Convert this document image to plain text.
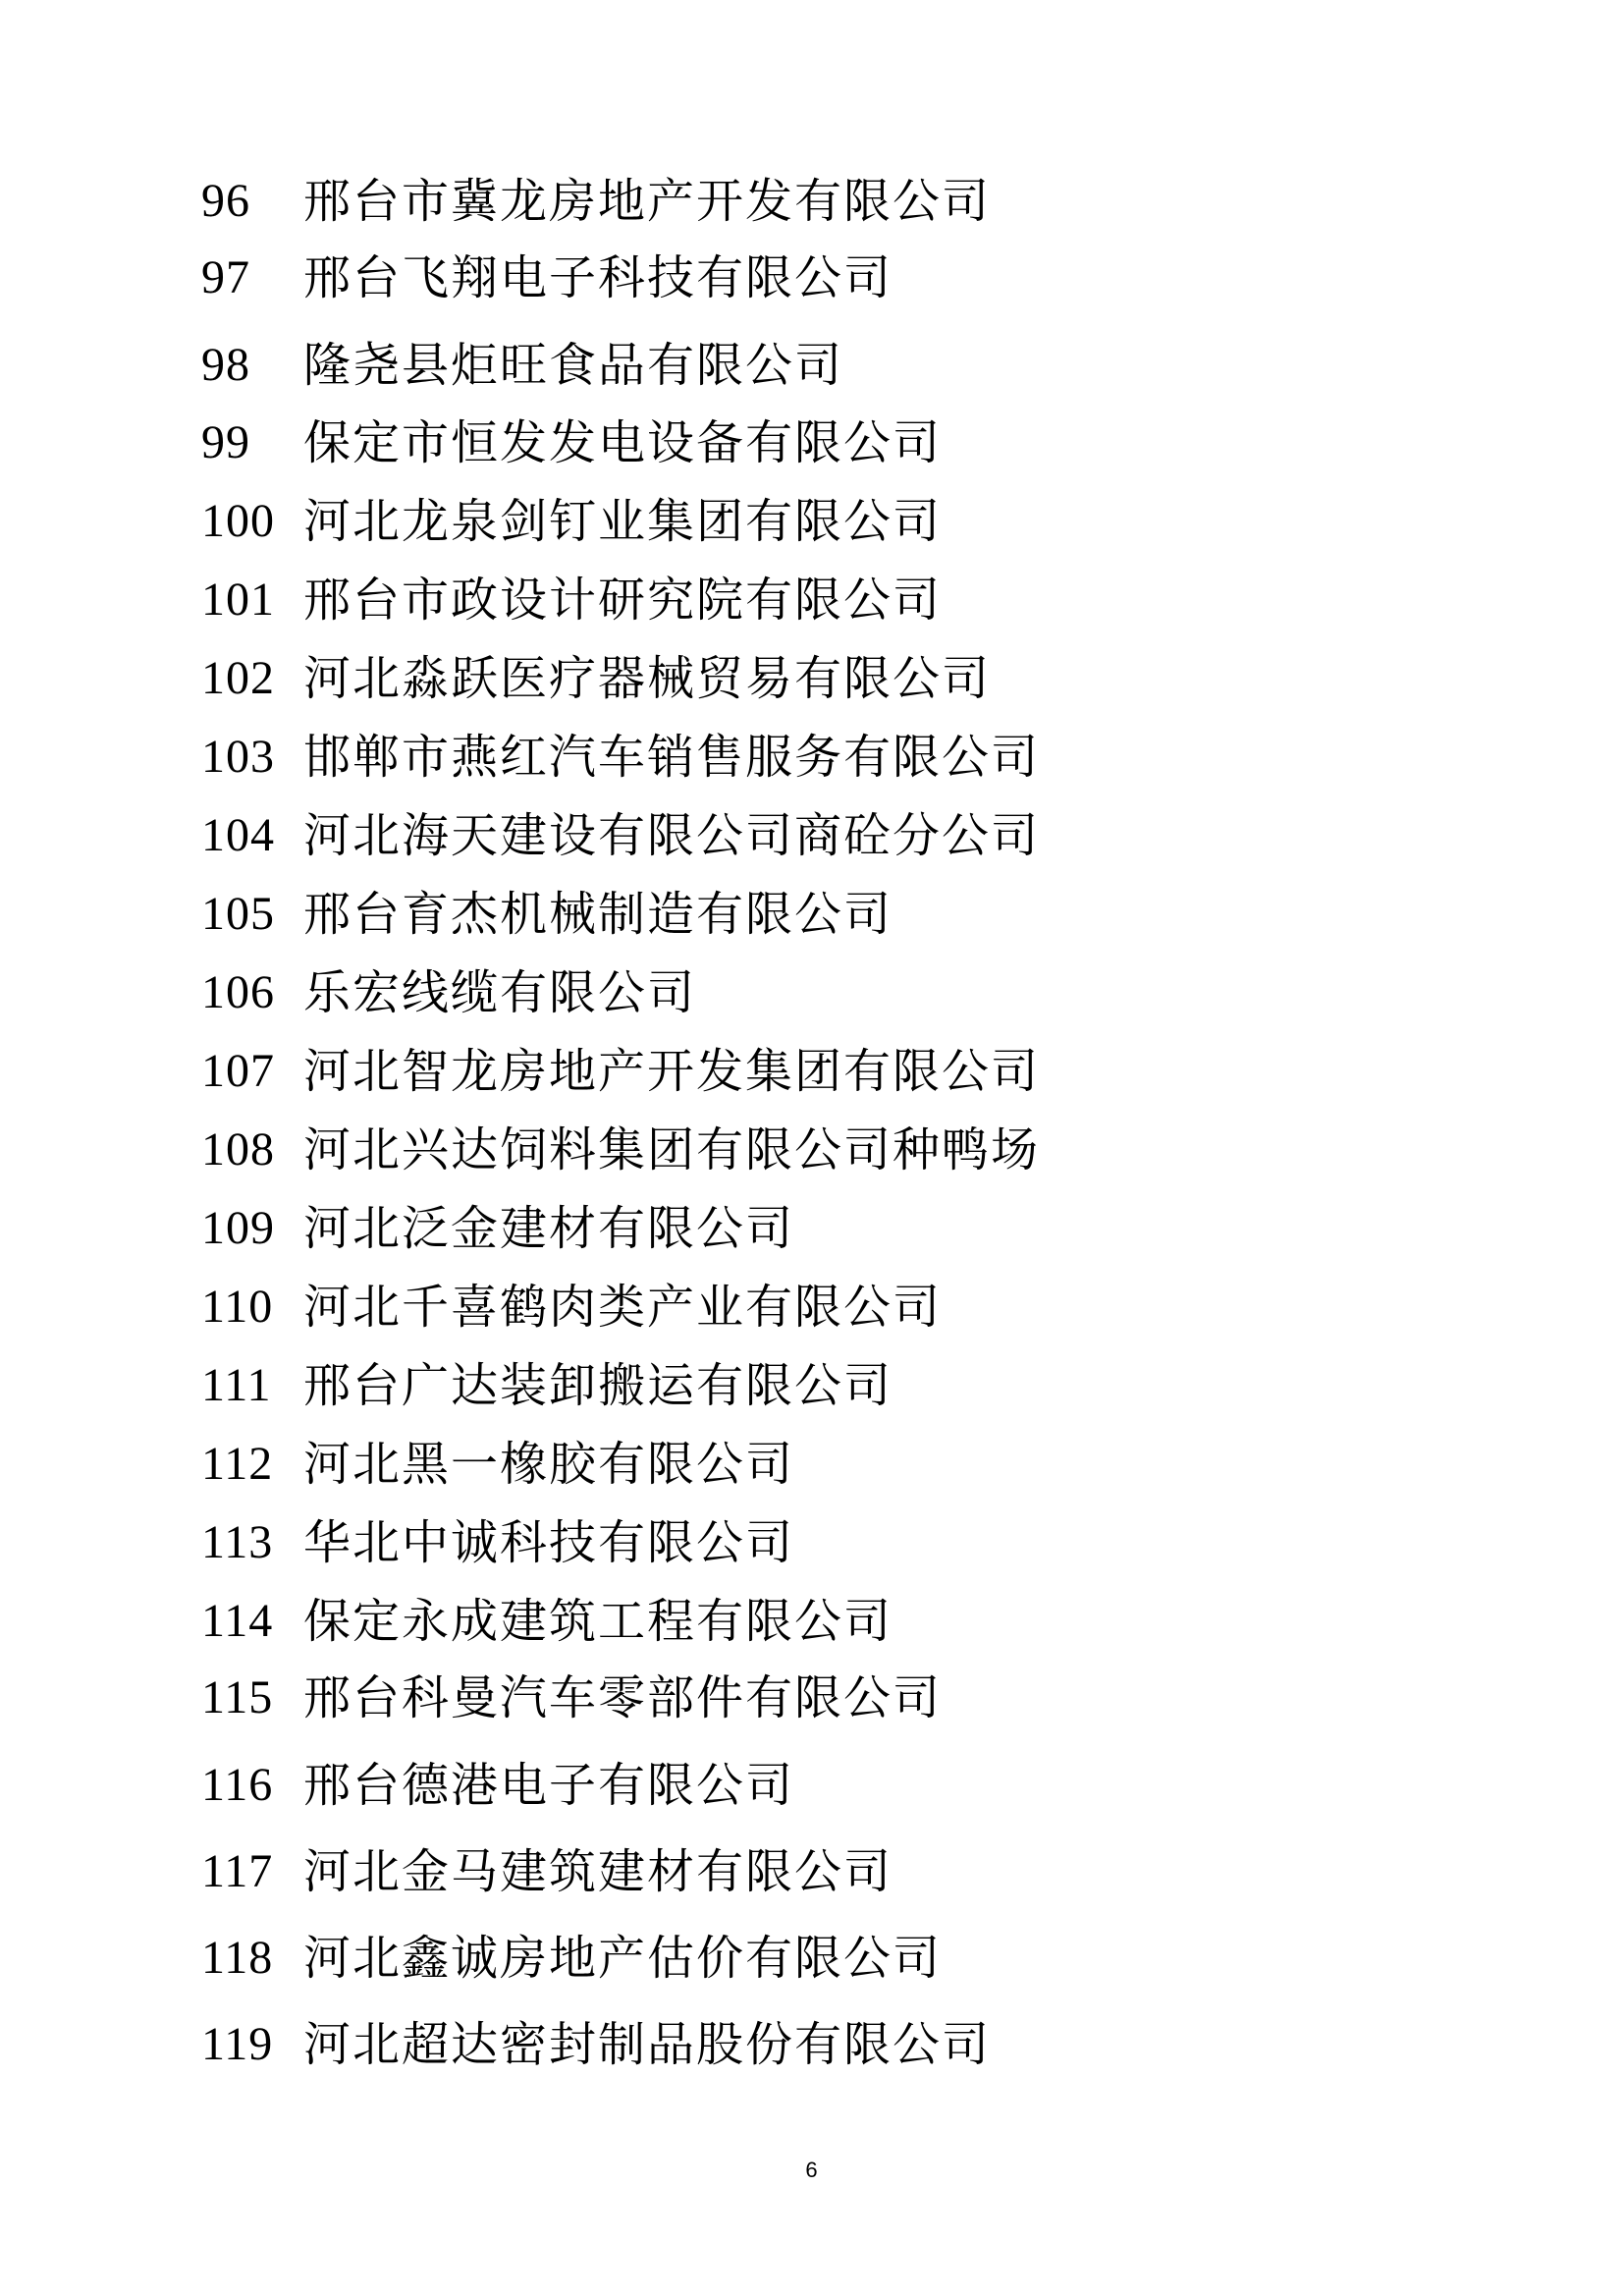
96	邢台市冀龙房地产开发有限公司
97	邢台飞翔电子科技有限公司
98	隆尧县炬旺食品有限公司
99	保定市恒发发电设备有限公司
100 河北龙泉剑钉业集团有限公司
101 邢台市政设计研究院有限公司
102 河北淼跃医疗器械贸易有限公司
103 邯郸市燕红汽车销售服务有限公司
104 河北海天建设有限公司商砼分公司
105 邢台育杰机械制造有限公司
106 乐宏线缆有限公司
107 河北智龙房地产开发集团有限公司
108 河北兴达饲料集团有限公司种鸭场
109 河北泛金建材有限公司
110 河北千喜鹤肉类产业有限公司
111 邢台广达装卸搬运有限公司
112 河北黑一橡胶有限公司
113 华北中诚科技有限公司
114 保定永成建筑工程有限公司
115 邢台科曼汽车零部件有限公司
116 邢台德港电子有限公司
117 河北金马建筑建材有限公司
118 河北鑫诚房地产估价有限公司
119 河北超达密封制品股份有限公司
6
